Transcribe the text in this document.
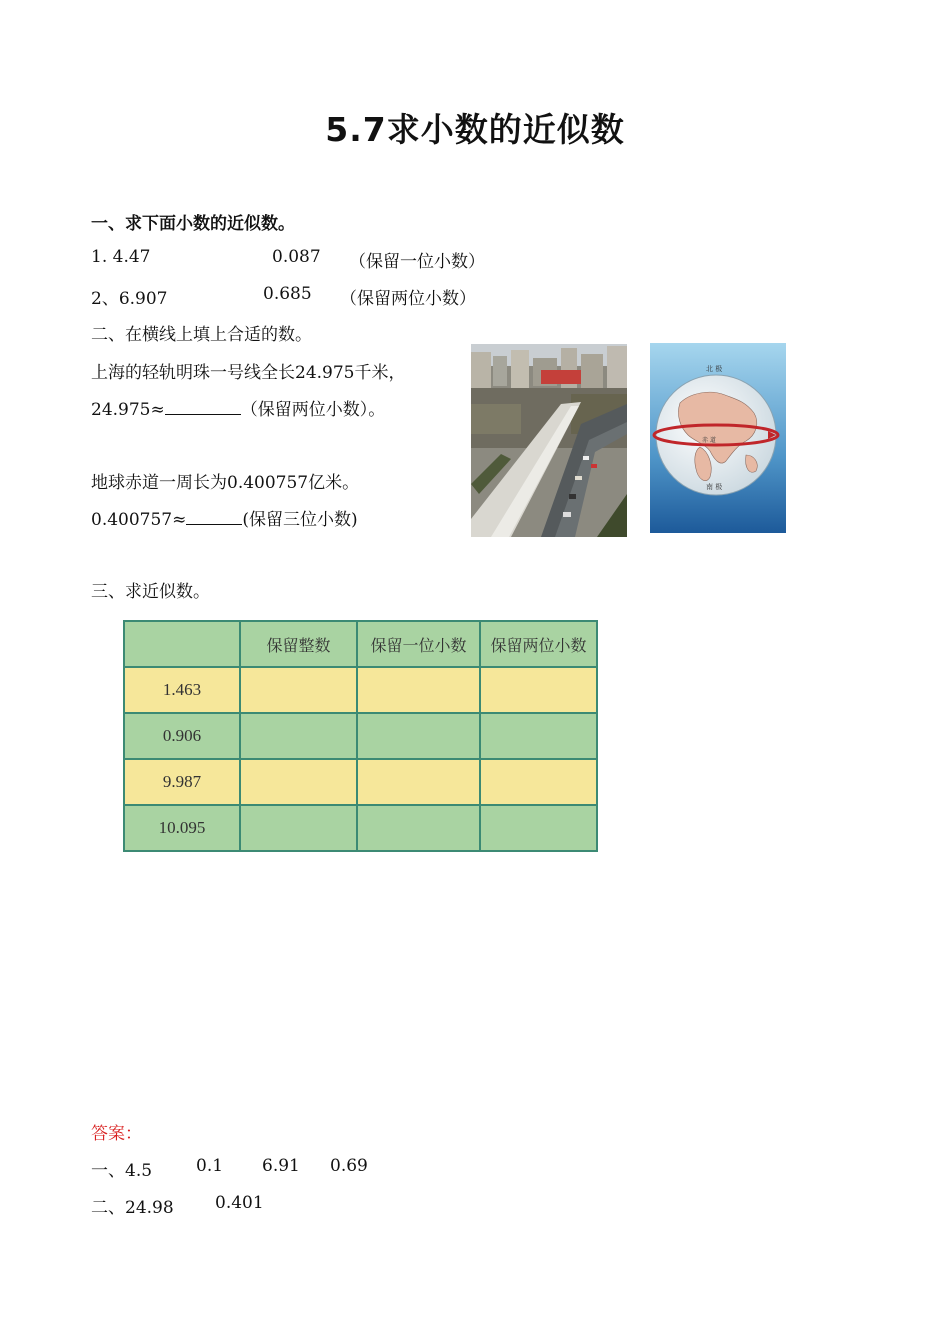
5.7求小数的近似数
一、求下面小数的近似数。
1. 4.47	0.087 （保留一位小数）
2、6.907	0.685 （保留两位小数）
二、在横线上填上合适的数。
上海的轻轨明珠一号线全长24.975千米，
24.975≈	（保留两位小数）。
地球赤道一周长为0.400757亿米。
0.400757≈	(保留三位小数)
北 极
赤 道
南 极
三、求近似数。
	保留整数	保留一位小数	保留两位小数
1.463			
0.906			
9.987			
10.095			
答案：
一、4.5	0.1 6.91 0.69
二、24.98 0.401
